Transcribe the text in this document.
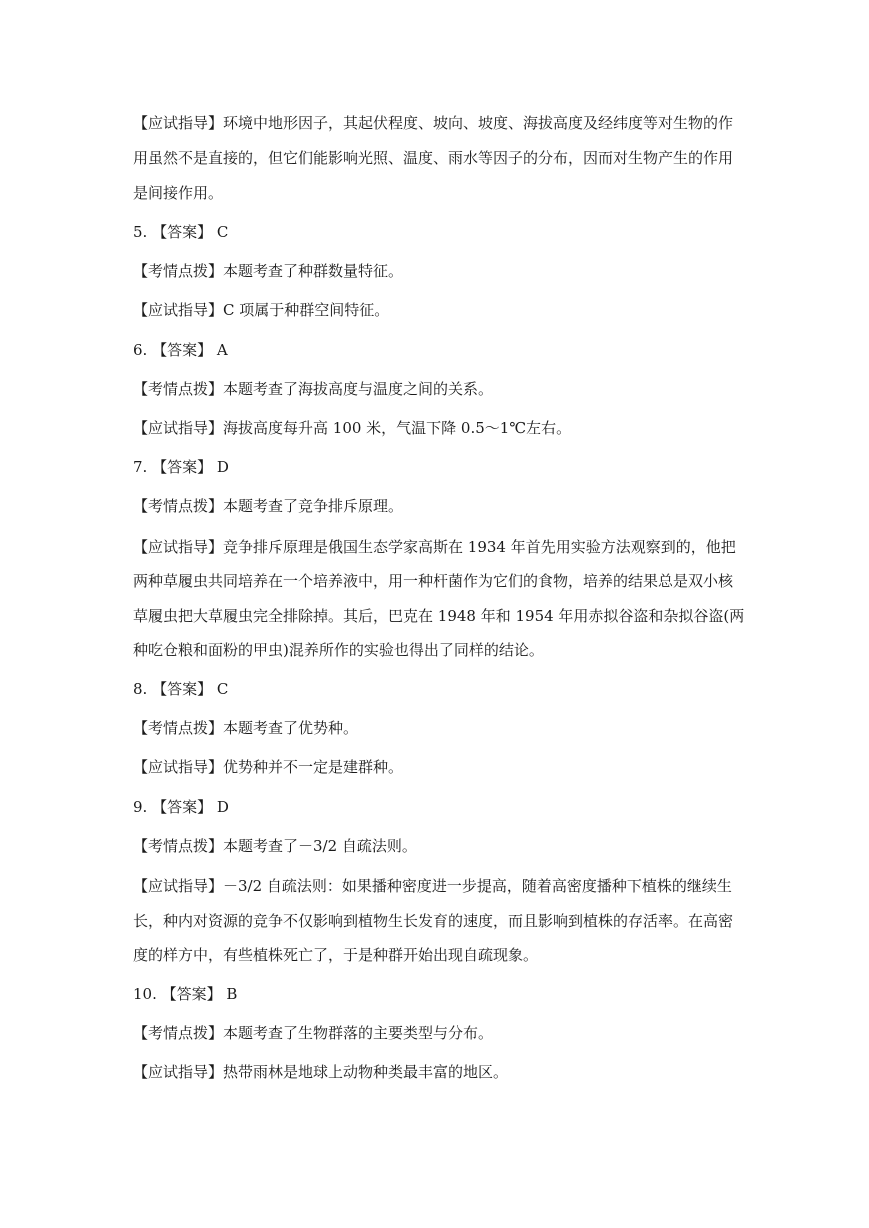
【应试指导】环境中地形因子，其起伏程度、坡向、坡度、海拔高度及经纬度等对生物的作
用虽然不是直接的，但它们能影响光照、温度、雨水等因子的分布，因而对生物产生的作用
是间接作用。
5. 【答案】 C
【考情点拨】本题考查了种群数量特征。
【应试指导】C 项属于种群空间特征。
6. 【答案】 A
【考情点拨】本题考查了海拔高度与温度之间的关系。
【应试指导】海拔高度每升高 100 米，气温下降 0.5～1℃左右。
7. 【答案】 D
【考情点拨】本题考查了竞争排斥原理。
【应试指导】竞争排斥原理是俄国生态学家高斯在 1934 年首先用实验方法观察到的，他把
两种草履虫共同培养在一个培养液中，用一种杆菌作为它们的食物，培养的结果总是双小核
草履虫把大草履虫完全排除掉。其后，巴克在 1948 年和 1954 年用赤拟谷盗和杂拟谷盗(两
种吃仓粮和面粉的甲虫)混养所作的实验也得出了同样的结论。
8. 【答案】 C
【考情点拨】本题考查了优势种。
【应试指导】优势种并不一定是建群种。
9. 【答案】 D
【考情点拨】本题考查了－3/2 自疏法则。
【应试指导】－3/2 自疏法则：如果播种密度进一步提高，随着高密度播种下植株的继续生
长，种内对资源的竞争不仅影响到植物生长发育的速度，而且影响到植株的存活率。在高密
度的样方中，有些植株死亡了，于是种群开始出现自疏现象。
10. 【答案】 B
【考情点拨】本题考查了生物群落的主要类型与分布。
【应试指导】热带雨林是地球上动物种类最丰富的地区。
